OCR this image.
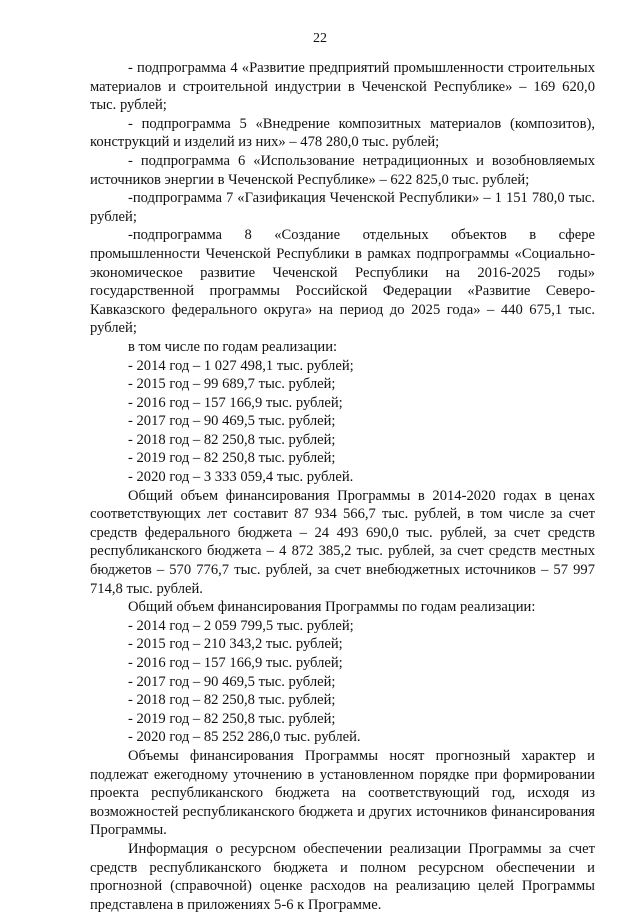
22

- подпрограмма 4 «Развитие предприятий промышленности строительных материалов и строительной индустрии в Чеченской Республике» – 169 620,0 тыс. рублей;

- подпрограмма 5 «Внедрение композитных материалов (композитов), конструкций и изделий из них» – 478 280,0 тыс. рублей;

- подпрограмма 6 «Использование нетрадиционных и возобновляемых источников энергии в Чеченской Республике» – 622 825,0 тыс. рублей;

-подпрограмма 7 «Газификация Чеченской Республики» – 1 151 780,0 тыс. рублей;

-подпрограмма 8 «Создание отдельных объектов в сфере промышленности Чеченской Республики в рамках подпрограммы «Социально-экономическое развитие Чеченской Республики на 2016-2025 годы» государственной программы Российской Федерации «Развитие Северо-Кавказского федерального округа» на период до 2025 года» – 440 675,1 тыс. рублей;

в том числе по годам реализации:

- 2014 год – 1 027 498,1 тыс. рублей;

- 2015 год – 99 689,7 тыс. рублей;

- 2016 год – 157 166,9 тыс. рублей;

- 2017 год – 90 469,5 тыс. рублей;

- 2018 год – 82 250,8 тыс. рублей;

- 2019 год – 82 250,8 тыс. рублей;

- 2020 год – 3 333 059,4 тыс. рублей.

Общий объем финансирования Программы в 2014-2020 годах в ценах соответствующих лет составит 87 934 566,7 тыс. рублей, в том числе за счет средств федерального бюджета – 24 493 690,0 тыс. рублей, за счет средств республиканского бюджета – 4 872 385,2 тыс. рублей, за счет средств местных бюджетов – 570 776,7 тыс. рублей, за счет внебюджетных источников – 57 997 714,8 тыс. рублей.

Общий объем финансирования Программы по годам реализации:

- 2014 год – 2 059 799,5 тыс. рублей;

- 2015 год – 210 343,2 тыс. рублей;

- 2016 год – 157 166,9 тыс. рублей;

- 2017 год – 90 469,5 тыс. рублей;

- 2018 год – 82 250,8 тыс. рублей;

- 2019 год – 82 250,8 тыс. рублей;

- 2020 год – 85 252 286,0 тыс. рублей.

Объемы финансирования Программы носят прогнозный характер и подлежат ежегодному уточнению в установленном порядке при формировании проекта республиканского бюджета на соответствующий год, исходя из возможностей республиканского бюджета и других источников финансирования Программы.

Информация о ресурсном обеспечении реализации Программы за счет средств республиканского бюджета и полном ресурсном обеспечении и прогнозной (справочной) оценке расходов на реализацию целей Программы представлена в приложениях 5-6 к Программе.
